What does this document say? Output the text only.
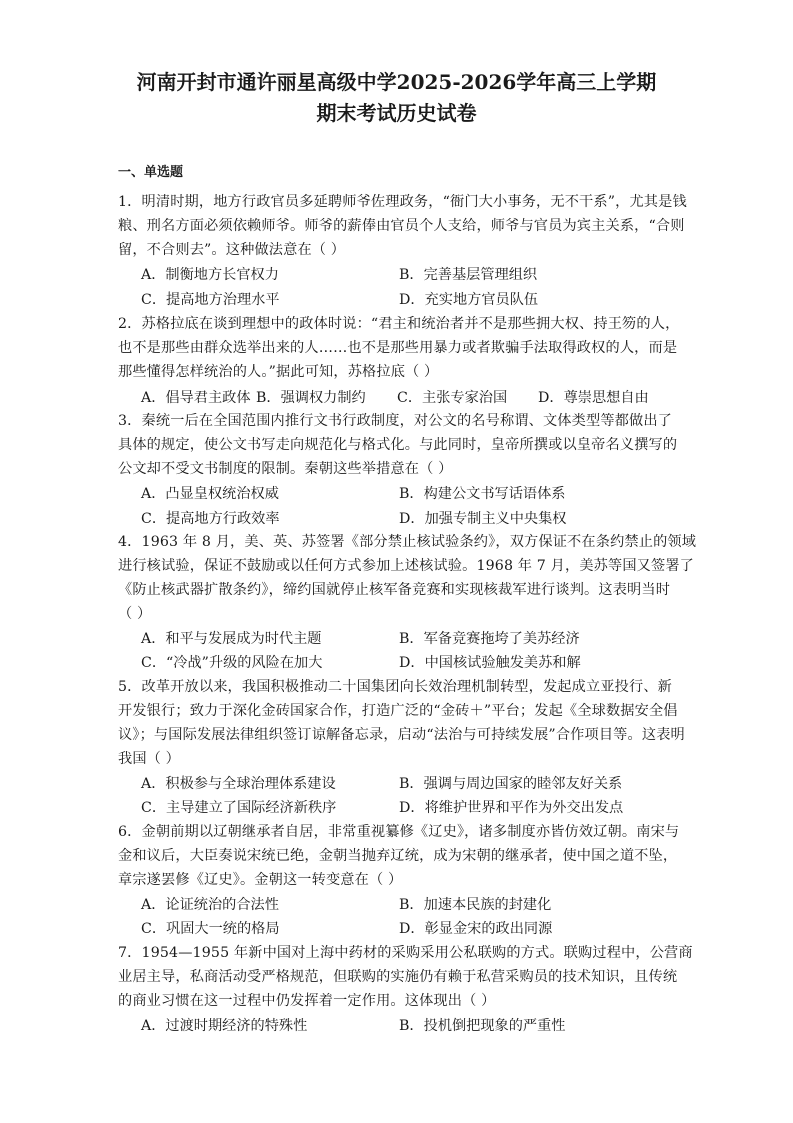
河南开封市通许丽星高级中学2025-2026学年高三上学期
期末考试历史试卷
一、单选题
1．明清时期，地方行政官员多延聘师爷佐理政务，“衙门大小事务，无不干系”，尤其是钱
粮、刑名方面必须依赖师爷。师爷的薪俸由官员个人支给，师爷与官员为宾主关系，“合则
留，不合则去”。这种做法意在（ ）
A．制衡地方长官权力	B．完善基层管理组织
C．提高地方治理水平	D．充实地方官员队伍
2．苏格拉底在谈到理想中的政体时说：“君主和统治者并不是那些拥大权、持王笏的人，
也不是那些由群众选举出来的人……也不是那些用暴力或者欺骗手法取得政权的人，而是
那些懂得怎样统治的人。”据此可知，苏格拉底（ ）
A．倡导君主政体 B．强调权力制约 C．主张专家治国 D．尊崇思想自由
3．秦统一后在全国范围内推行文书行政制度，对公文的名号称谓、文体类型等都做出了
具体的规定，使公文书写走向规范化与格式化。与此同时，皇帝所撰或以皇帝名义撰写的
公文却不受文书制度的限制。秦朝这些举措意在（ ）
A．凸显皇权统治权威	B．构建公文书写话语体系
C．提高地方行政效率	D．加强专制主义中央集权
4．1963 年 8 月，美、英、苏签署《部分禁止核试验条约》，双方保证不在条约禁止的领域
进行核试验，保证不鼓励或以任何方式参加上述核试验。1968 年 7 月，美苏等国又签署了
《防止核武器扩散条约》，缔约国就停止核军备竞赛和实现核裁军进行谈判。这表明当时
（ ）
A．和平与发展成为时代主题	B．军备竞赛拖垮了美苏经济
C．“冷战”升级的风险在加大	D．中国核试验触发美苏和解
5．改革开放以来，我国积极推动二十国集团向长效治理机制转型，发起成立亚投行、新
开发银行；致力于深化金砖国家合作，打造广泛的“金砖＋”平台；发起《全球数据安全倡
议》；与国际发展法律组织签订谅解备忘录，启动“法治与可持续发展”合作项目等。这表明
我国（ ）
A．积极参与全球治理体系建设	B．强调与周边国家的睦邻友好关系
C．主导建立了国际经济新秩序	D．将维护世界和平作为外交出发点
6．金朝前期以辽朝继承者自居，非常重视纂修《辽史》，诸多制度亦皆仿效辽朝。南宋与
金和议后，大臣奏说宋统已绝，金朝当抛弃辽统，成为宋朝的继承者，使中国之道不坠，
章宗遂罢修《辽史》。金朝这一转变意在（ ）
A．论证统治的合法性	B．加速本民族的封建化
C．巩固大一统的格局	D．彰显金宋的政出同源
7．1954—1955 年新中国对上海中药材的采购采用公私联购的方式。联购过程中，公营商
业居主导，私商活动受严格规范，但联购的实施仍有赖于私营采购员的技术知识，且传统
的商业习惯在这一过程中仍发挥着一定作用。这体现出（ ）
A．过渡时期经济的特殊性	B．投机倒把现象的严重性
